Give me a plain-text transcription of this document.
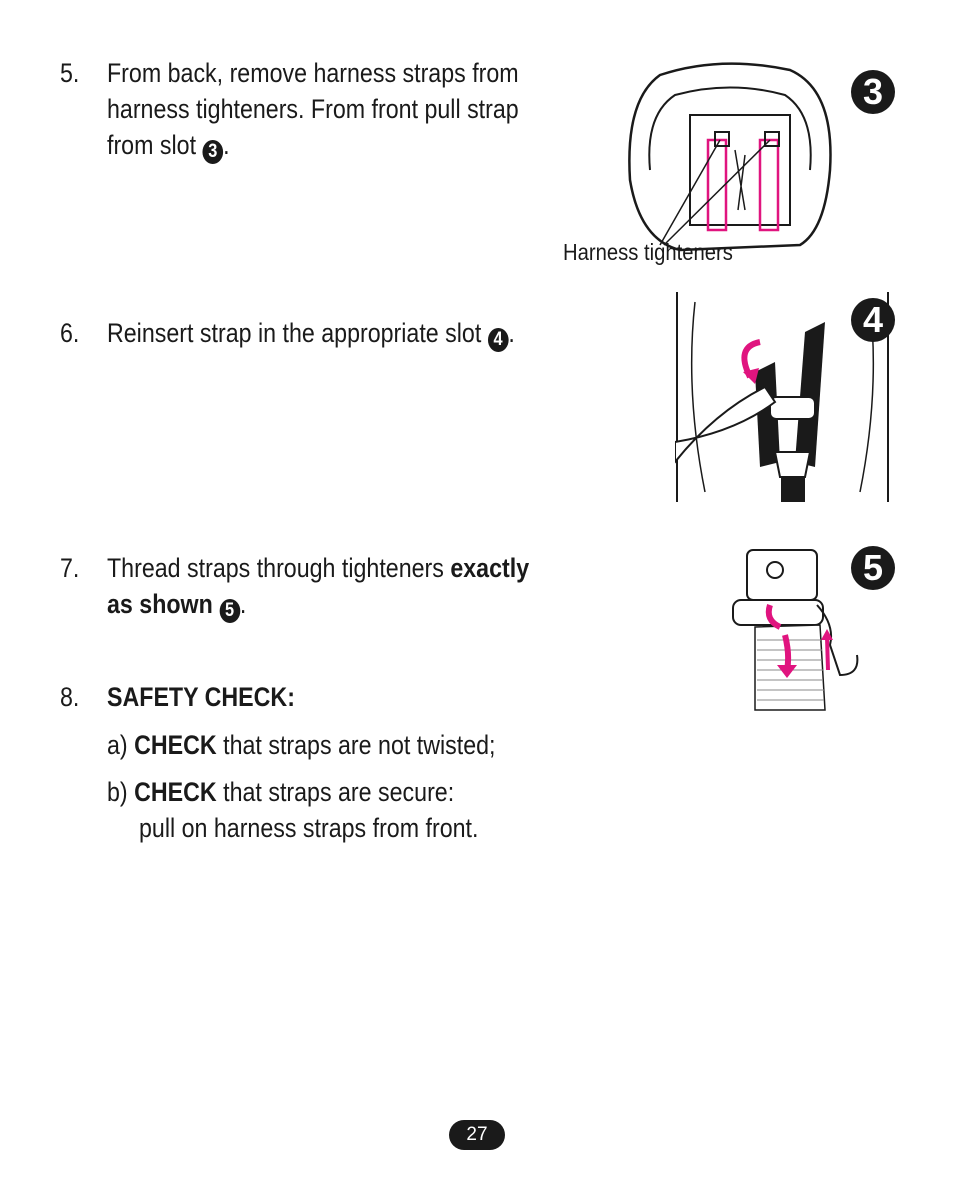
5. From back, remove harness straps from
harness tighteners. From front pull strap
from slot 3 .
3
Harness tighteners
6. Reinsert strap in the appropriate slot 4 .	4
7. Thread straps through tighteners exactly
as shown 5 .
5
8. SAFETY CHECK:
a) CHECK that straps are not twisted;
b) CHECK that straps are secure:
pull on harness straps from front.
27
